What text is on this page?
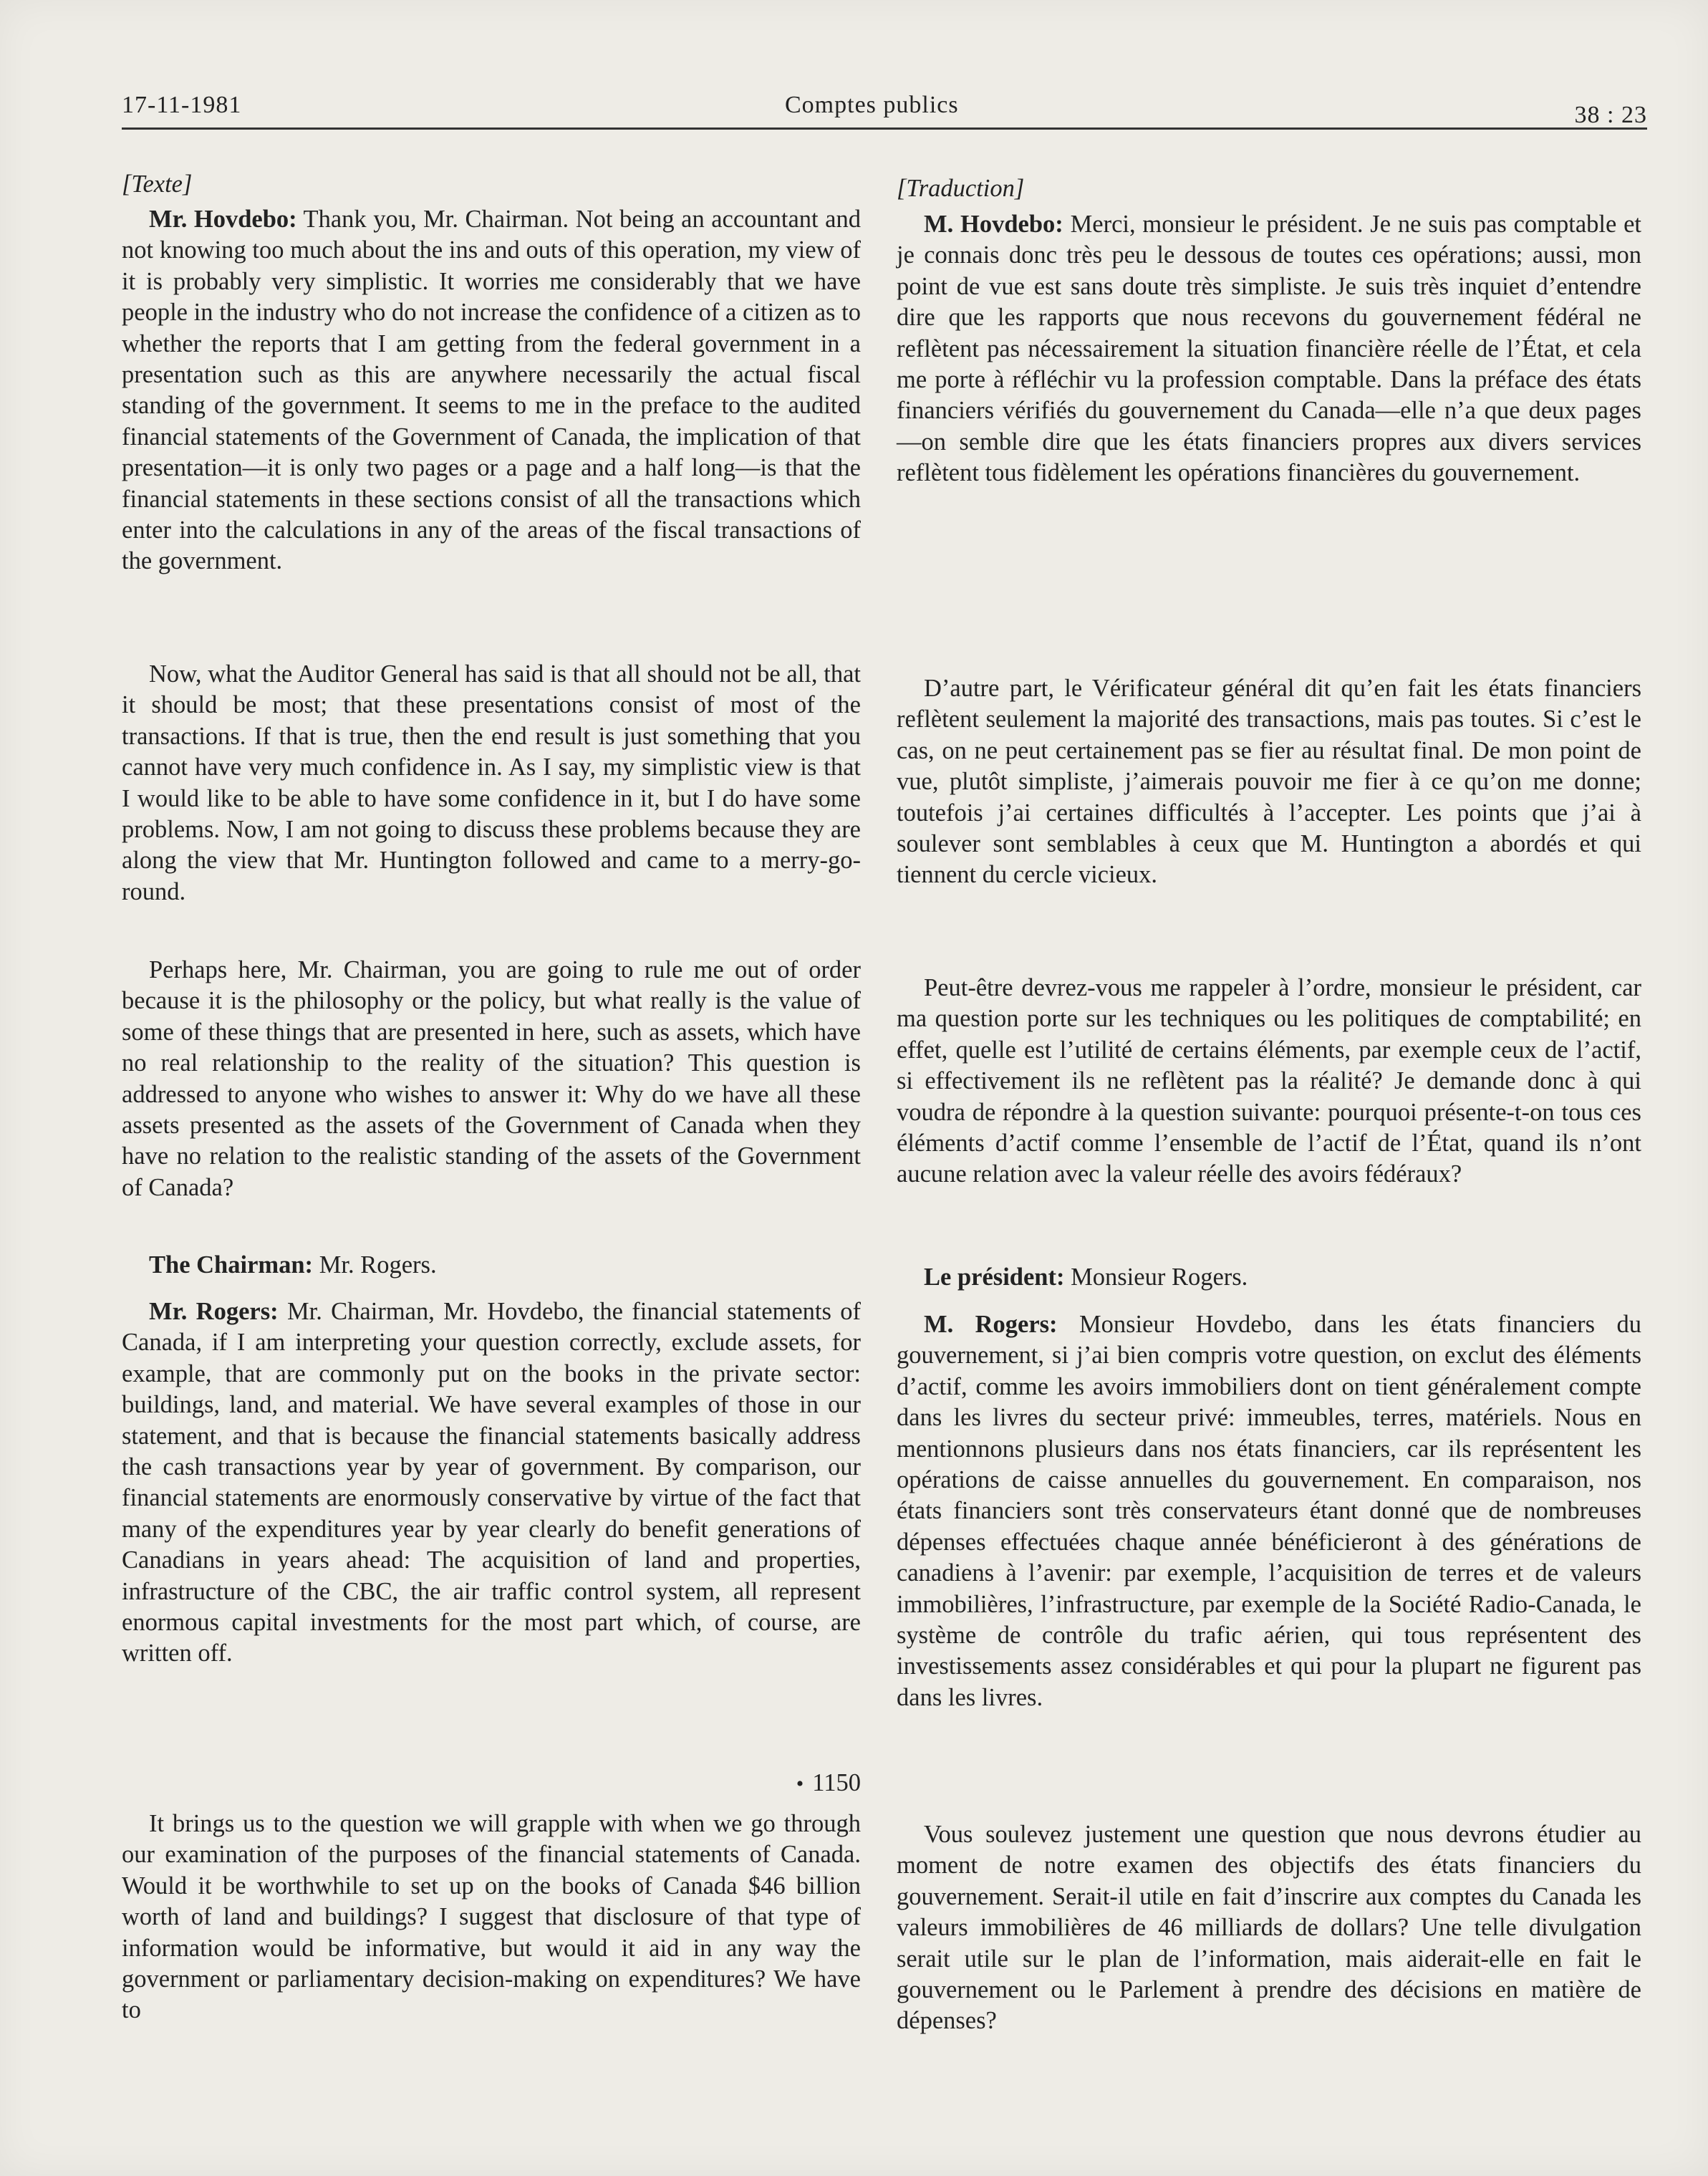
17-11-1981	Comptes publics	38 : 23

[Texte]

Mr. Hovdebo: Thank you, Mr. Chairman. Not being an accountant and not knowing too much about the ins and outs of this operation, my view of it is probably very simplistic. It worries me considerably that we have people in the industry who do not increase the confidence of a citizen as to whether the reports that I am getting from the federal government in a presentation such as this are anywhere necessarily the actual fiscal standing of the government. It seems to me in the preface to the audited financial statements of the Government of Canada, the implication of that presentation—it is only two pages or a page and a half long—is that the financial statements in these sections consist of all the transactions which enter into the calculations in any of the areas of the fiscal transactions of the government.

Now, what the Auditor General has said is that all should not be all, that it should be most; that these presentations consist of most of the transactions. If that is true, then the end result is just something that you cannot have very much confidence in. As I say, my simplistic view is that I would like to be able to have some confidence in it, but I do have some problems. Now, I am not going to discuss these problems because they are along the view that Mr. Huntington followed and came to a merry-go-round.

Perhaps here, Mr. Chairman, you are going to rule me out of order because it is the philosophy or the policy, but what really is the value of some of these things that are presented in here, such as assets, which have no real relationship to the reality of the situation? This question is addressed to anyone who wishes to answer it: Why do we have all these assets presented as the assets of the Government of Canada when they have no relation to the realistic standing of the assets of the Government of Canada?

The Chairman: Mr. Rogers.

Mr. Rogers: Mr. Chairman, Mr. Hovdebo, the financial statements of Canada, if I am interpreting your question correctly, exclude assets, for example, that are commonly put on the books in the private sector: buildings, land, and material. We have several examples of those in our statement, and that is because the financial statements basically address the cash transactions year by year of government. By comparison, our financial statements are enormously conservative by virtue of the fact that many of the expenditures year by year clearly do benefit generations of Canadians in years ahead: The acquisition of land and properties, infrastructure of the CBC, the air traffic control system, all represent enormous capital investments for the most part which, of course, are written off.

• 1150

It brings us to the question we will grapple with when we go through our examination of the purposes of the financial statements of Canada. Would it be worthwhile to set up on the books of Canada $46 billion worth of land and buildings? I suggest that disclosure of that type of information would be informative, but would it aid in any way the government or parliamentary decision-making on expenditures? We have to

[Traduction]

M. Hovdebo: Merci, monsieur le président. Je ne suis pas comptable et je connais donc très peu le dessous de toutes ces opérations; aussi, mon point de vue est sans doute très simpliste. Je suis très inquiet d’entendre dire que les rapports que nous recevons du gouvernement fédéral ne reflètent pas nécessairement la situation financière réelle de l’État, et cela me porte à réfléchir vu la profession comptable. Dans la préface des états financiers vérifiés du gouvernement du Canada—elle n’a que deux pages—on semble dire que les états financiers propres aux divers services reflètent tous fidèlement les opérations financières du gouvernement.

D’autre part, le Vérificateur général dit qu’en fait les états financiers reflètent seulement la majorité des transactions, mais pas toutes. Si c’est le cas, on ne peut certainement pas se fier au résultat final. De mon point de vue, plutôt simpliste, j’aimerais pouvoir me fier à ce qu’on me donne; toutefois j’ai certaines difficultés à l’accepter. Les points que j’ai à soulever sont semblables à ceux que M. Huntington a abordés et qui tiennent du cercle vicieux.

Peut-être devrez-vous me rappeler à l’ordre, monsieur le président, car ma question porte sur les techniques ou les politiques de comptabilité; en effet, quelle est l’utilité de certains éléments, par exemple ceux de l’actif, si effectivement ils ne reflètent pas la réalité? Je demande donc à qui voudra de répondre à la question suivante: pourquoi présente-t-on tous ces éléments d’actif comme l’ensemble de l’actif de l’État, quand ils n’ont aucune relation avec la valeur réelle des avoirs fédéraux?

Le président: Monsieur Rogers.

M. Rogers: Monsieur Hovdebo, dans les états financiers du gouvernement, si j’ai bien compris votre question, on exclut des éléments d’actif, comme les avoirs immobiliers dont on tient généralement compte dans les livres du secteur privé: immeubles, terres, matériels. Nous en mentionnons plusieurs dans nos états financiers, car ils représentent les opérations de caisse annuelles du gouvernement. En comparaison, nos états financiers sont très conservateurs étant donné que de nombreuses dépenses effectuées chaque année bénéficieront à des générations de canadiens à l’avenir: par exemple, l’acquisition de terres et de valeurs immobilières, l’infrastructure, par exemple de la Société Radio-Canada, le système de contrôle du trafic aérien, qui tous représentent des investissements assez considérables et qui pour la plupart ne figurent pas dans les livres.

Vous soulevez justement une question que nous devrons étudier au moment de notre examen des objectifs des états financiers du gouvernement. Serait-il utile en fait d’inscrire aux comptes du Canada les valeurs immobilières de 46 milliards de dollars? Une telle divulgation serait utile sur le plan de l’information, mais aiderait-elle en fait le gouvernement ou le Parlement à prendre des décisions en matière de dépenses?
